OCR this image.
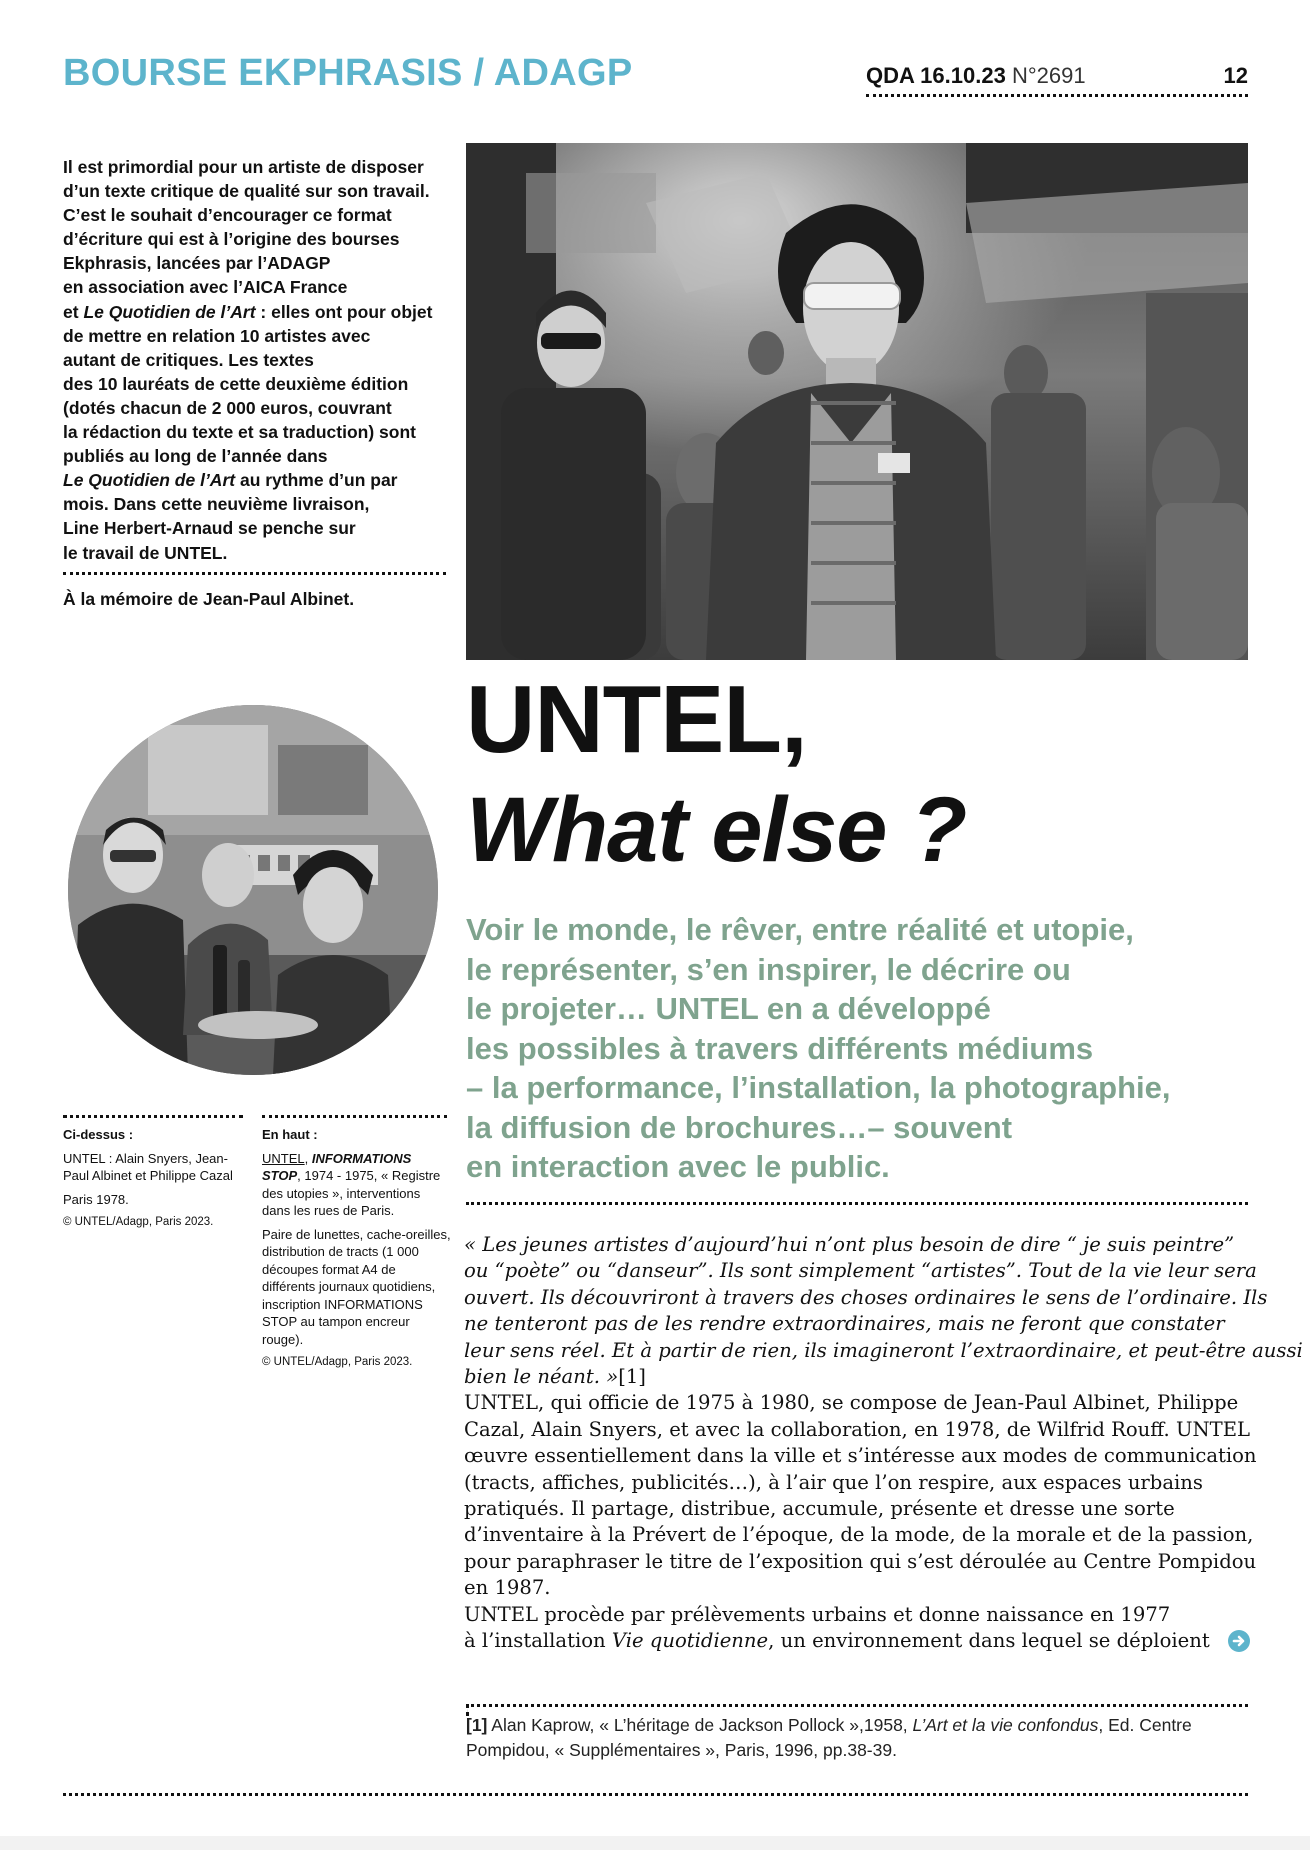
BOURSE EKPHRASIS / ADAGP	QDA 16.10.23 N°2691	12
Il est primordial pour un artiste de disposer
d’un texte critique de qualité sur son travail.
C’est le souhait d’encourager ce format
d’écriture qui est à l’origine des bourses
Ekphrasis, lancées par l’ADAGP
en association avec l’AICA France
et Le Quotidien de l’Art : elles ont pour objet
de mettre en relation 10 artistes avec
autant de critiques. Les textes
des 10 lauréats de cette deuxième édition
(dotés chacun de 2 000 euros, couvrant
la rédaction du texte et sa traduction) sont
publiés au long de l’année dans
Le Quotidien de l’Art au rythme d’un par
mois. Dans cette neuvième livraison,
Line Herbert-Arnaud se penche sur
le travail de UNTEL.
À la mémoire de Jean-Paul Albinet.
UNTEL,
What else ?
Voir le monde, le rêver, entre réalité et utopie,
le représenter, s’en inspirer, le décrire ou
le projeter… UNTEL en a développé
les possibles à travers différents médiums
– la performance, l’installation, la photographie,
la diffusion de brochures…– souvent
en interaction avec le public.

Ci-dessus :

UNTEL : Alain Snyers, Jean-Paul Albinet et Philippe Cazal

Paris 1978.

© UNTEL/Adagp, Paris 2023.

En haut :

UNTEL, INFORMATIONS STOP, 1974 - 1975, « Registre des utopies », interventions dans les rues de Paris.

Paire de lunettes, cache-oreilles, distribution de tracts (1 000 découpes format A4 de différents journaux quotidiens, inscription INFORMATIONS STOP au tampon encreur rouge).

© UNTEL/Adagp, Paris 2023.

« Les jeunes artistes d’aujourd’hui n’ont plus besoin de dire “ je suis peintre”
ou “poète” ou “danseur”. Ils sont simplement “artistes”. Tout de la vie leur sera
ouvert. Ils découvriront à travers des choses ordinaires le sens de l’ordinaire. Ils
ne tenteront pas de les rendre extraordinaires, mais ne feront que constater
leur sens réel. Et à partir de rien, ils imagineront l’extraordinaire, et peut-être aussi
bien le néant. »[1]
UNTEL, qui officie de 1975 à 1980, se compose de Jean-Paul Albinet, Philippe
Cazal, Alain Snyers, et avec la collaboration, en 1978, de Wilfrid Rouff. UNTEL
œuvre essentiellement dans la ville et s’intéresse aux modes de communication
(tracts, affiches, publicités…), à l’air que l’on respire, aux espaces urbains
pratiqués. Il partage, distribue, accumule, présente et dresse une sorte
d’inventaire à la Prévert de l’époque, de la mode, de la morale et de la passion,
pour paraphraser le titre de l’exposition qui s’est déroulée au Centre Pompidou
en 1987.
UNTEL procède par prélèvements urbains et donne naissance en 1977
à l’installation Vie quotidienne, un environnement dans lequel se déploient
[1] Alan Kaprow, « L’héritage de Jackson Pollock »,1958, L’Art et la vie confondus, Ed. Centre Pompidou, « Supplémentaires », Paris, 1996, pp.38-39.
